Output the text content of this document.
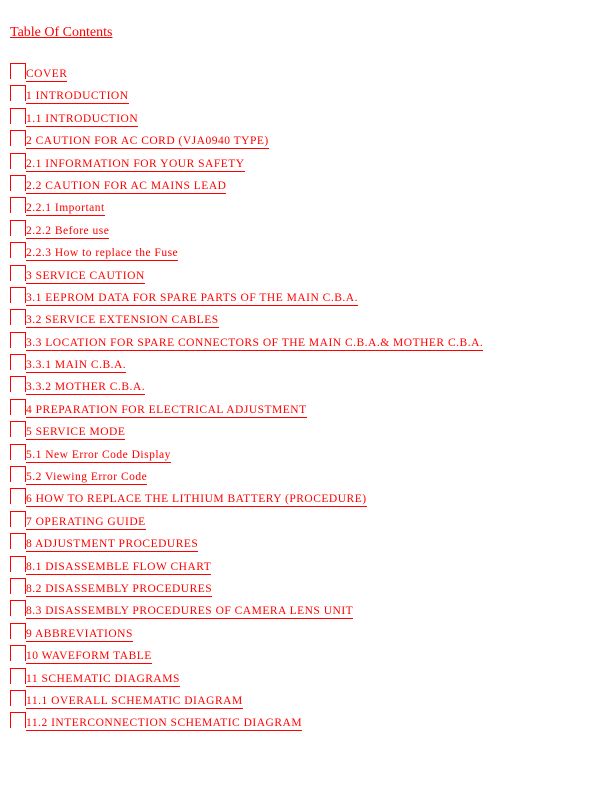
Table Of Contents
COVER
1 INTRODUCTION
1.1 INTRODUCTION
2 CAUTION FOR AC CORD (VJA0940 TYPE)
2.1 INFORMATION FOR YOUR SAFETY
2.2 CAUTION FOR AC MAINS LEAD
2.2.1 Important
2.2.2 Before use
2.2.3 How to replace the Fuse
3 SERVICE CAUTION
3.1 EEPROM DATA FOR SPARE PARTS OF THE MAIN C.B.A.
3.2 SERVICE EXTENSION CABLES
3.3 LOCATION FOR SPARE CONNECTORS OF THE MAIN C.B.A.& MOTHER C.B.A.
3.3.1 MAIN C.B.A.
3.3.2 MOTHER C.B.A.
4 PREPARATION FOR ELECTRICAL ADJUSTMENT
5 SERVICE MODE
5.1 New Error Code Display
5.2 Viewing Error Code
6 HOW TO REPLACE THE LITHIUM BATTERY (PROCEDURE)
7 OPERATING GUIDE
8 ADJUSTMENT PROCEDURES
8.1 DISASSEMBLE FLOW CHART
8.2 DISASSEMBLY PROCEDURES
8.3 DISASSEMBLY PROCEDURES OF CAMERA LENS UNIT
9 ABBREVIATIONS
10 WAVEFORM TABLE
11 SCHEMATIC DIAGRAMS
11.1 OVERALL SCHEMATIC DIAGRAM
11.2 INTERCONNECTION SCHEMATIC DIAGRAM
